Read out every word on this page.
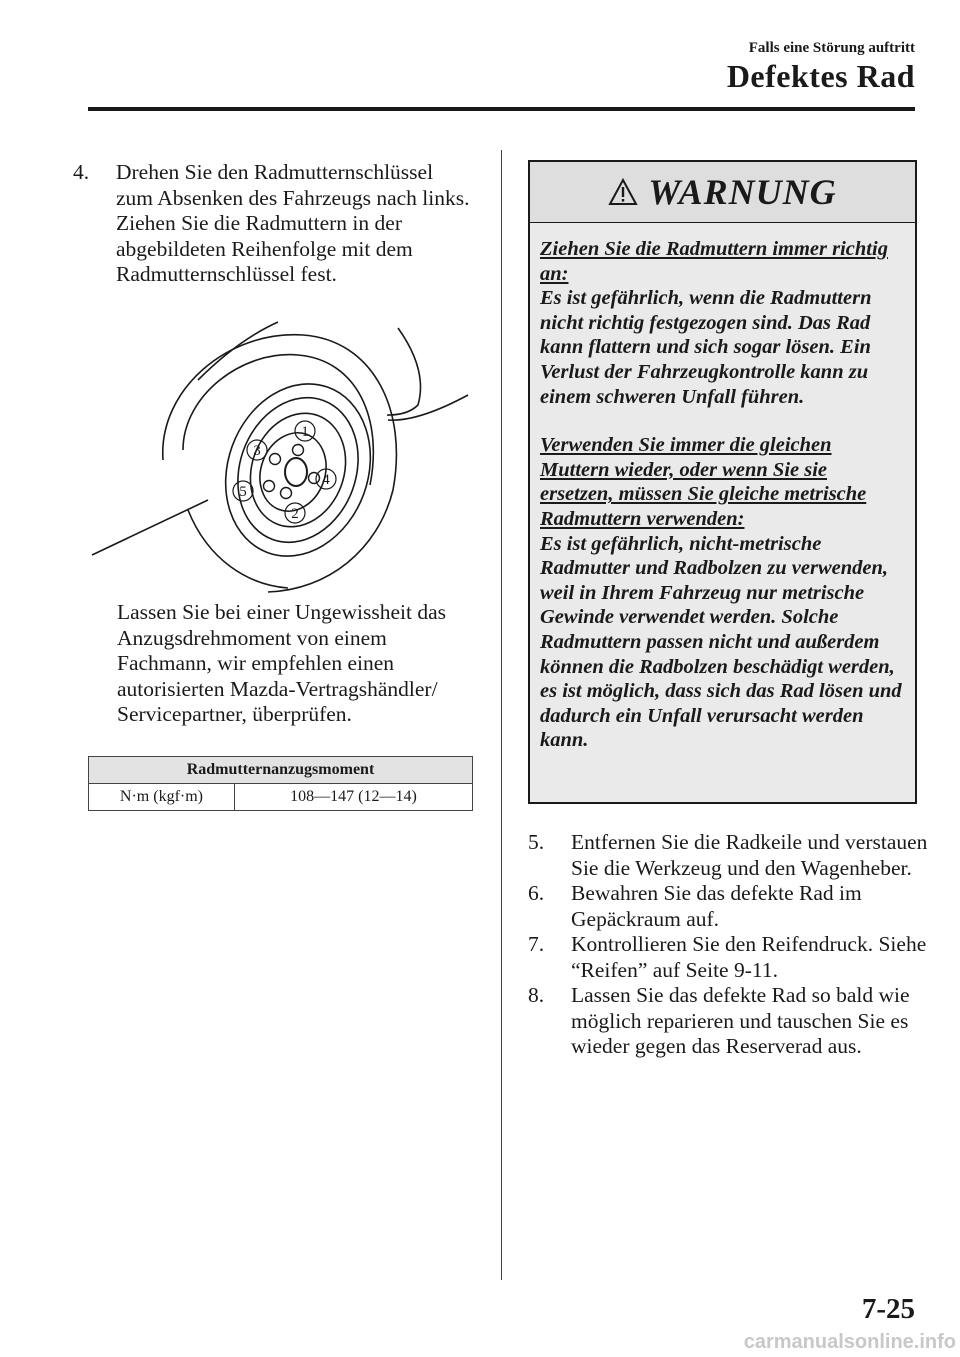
Falls eine Störung auftritt
Defektes Rad
4. Drehen Sie den Radmutternschlüssel zum Absenken des Fahrzeugs nach links. Ziehen Sie die Radmuttern in der abgebildeten Reihenfolge mit dem Radmutternschlüssel fest.
1
2
3
4
5
Lassen Sie bei einer Ungewissheit das Anzugsdrehmoment von einem Fachmann, wir empfehlen einen autorisierten Mazda-Vertragshändler/ Servicepartner, überprüfen.
Radmutternanzugsmoment
N·m (kgf·m)	108—147 (12—14)
WARNUNG
Ziehen Sie die Radmuttern immer richtig an:
Es ist gefährlich, wenn die Radmuttern nicht richtig festgezogen sind. Das Rad kann flattern und sich sogar lösen. Ein Verlust der Fahrzeugkontrolle kann zu einem schweren Unfall führen.
Verwenden Sie immer die gleichen Muttern wieder, oder wenn Sie sie ersetzen, müssen Sie gleiche metrische Radmuttern verwenden:
Es ist gefährlich, nicht-metrische Radmutter und Radbolzen zu verwenden, weil in Ihrem Fahrzeug nur metrische Gewinde verwendet werden. Solche Radmuttern passen nicht und außerdem können die Radbolzen beschädigt werden, es ist möglich, dass sich das Rad lösen und dadurch ein Unfall verursacht werden kann.
5. Entfernen Sie die Radkeile und verstauen Sie die Werkzeug und den Wagenheber.
6. Bewahren Sie das defekte Rad im Gepäckraum auf.
7. Kontrollieren Sie den Reifendruck. Siehe “Reifen” auf Seite 9-11.
8. Lassen Sie das defekte Rad so bald wie möglich reparieren und tauschen Sie es wieder gegen das Reserverad aus.
7-25
carmanualsonline.info
